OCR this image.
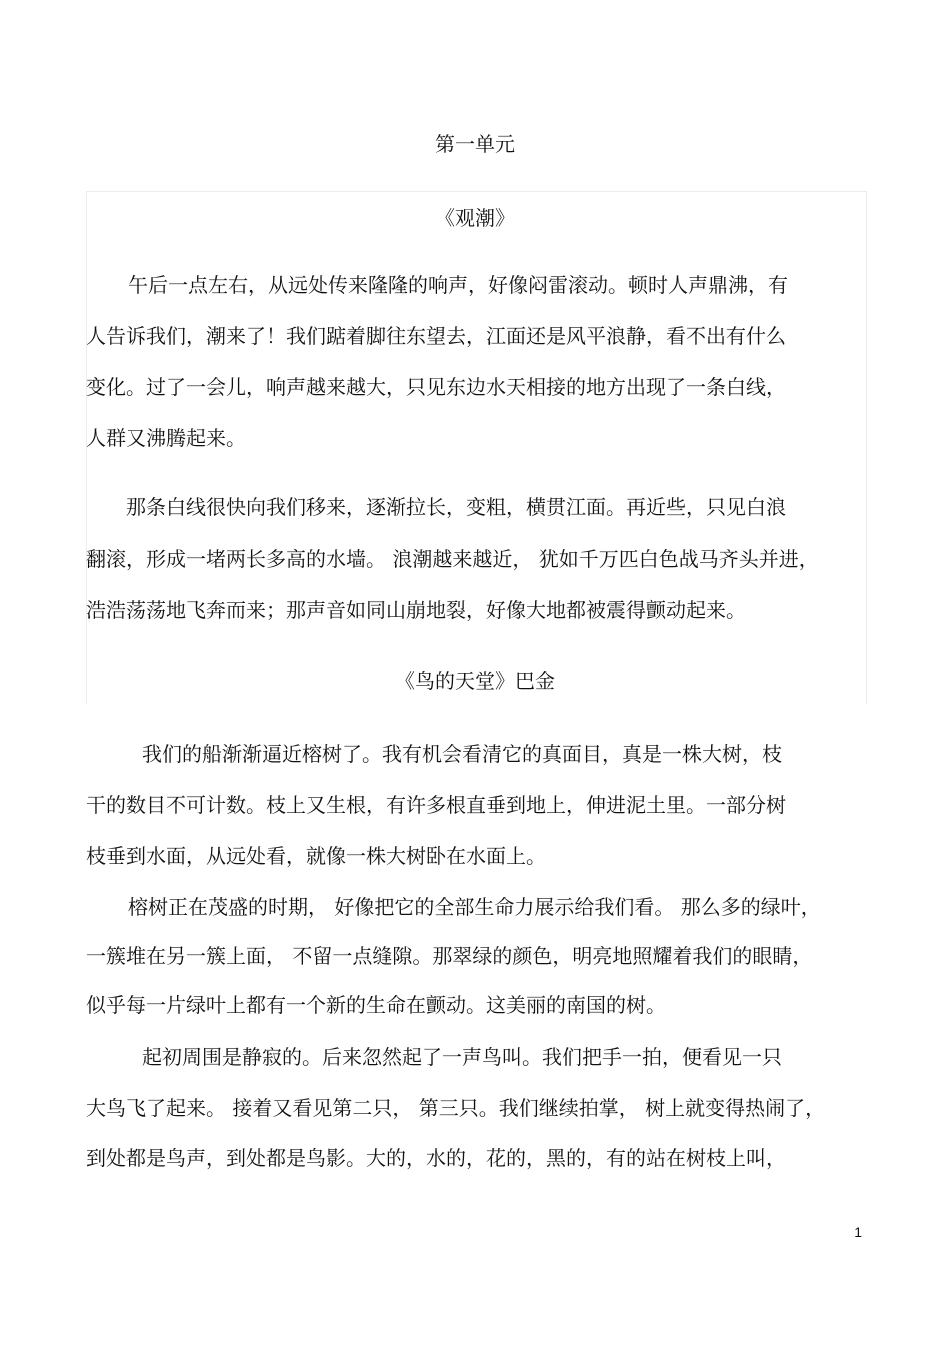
第一单元
《观潮》
午后一点左右，从远处传来隆隆的响声，好像闷雷滚动。顿时人声鼎沸，有
人告诉我们，潮来了！我们踮着脚往东望去，江面还是风平浪静，看不出有什么
变化。过了一会儿，响声越来越大，只见东边水天相接的地方出现了一条白线，
人群又沸腾起来。
那条白线很快向我们移来，逐渐拉长，变粗，横贯江面。再近些，只见白浪
翻滚，形成一堵两长多高的水墙。 浪潮越来越近， 犹如千万匹白色战马齐头并进，
浩浩荡荡地飞奔而来；那声音如同山崩地裂，好像大地都被震得颤动起来。
《鸟的天堂》巴金
我们的船渐渐逼近榕树了。我有机会看清它的真面目，真是一株大树，枝
干的数目不可计数。枝上又生根，有许多根直垂到地上，伸进泥土里。一部分树
枝垂到水面，从远处看，就像一株大树卧在水面上。
榕树正在茂盛的时期， 好像把它的全部生命力展示给我们看。 那么多的绿叶，
一簇堆在另一簇上面， 不留一点缝隙。那翠绿的颜色，明亮地照耀着我们的眼睛，
似乎每一片绿叶上都有一个新的生命在颤动。这美丽的南国的树。
起初周围是静寂的。后来忽然起了一声鸟叫。我们把手一拍，便看见一只
大鸟飞了起来。 接着又看见第二只， 第三只。我们继续拍掌， 树上就变得热闹了，
到处都是鸟声，到处都是鸟影。大的，水的，花的，黑的，有的站在树枝上叫，
1
